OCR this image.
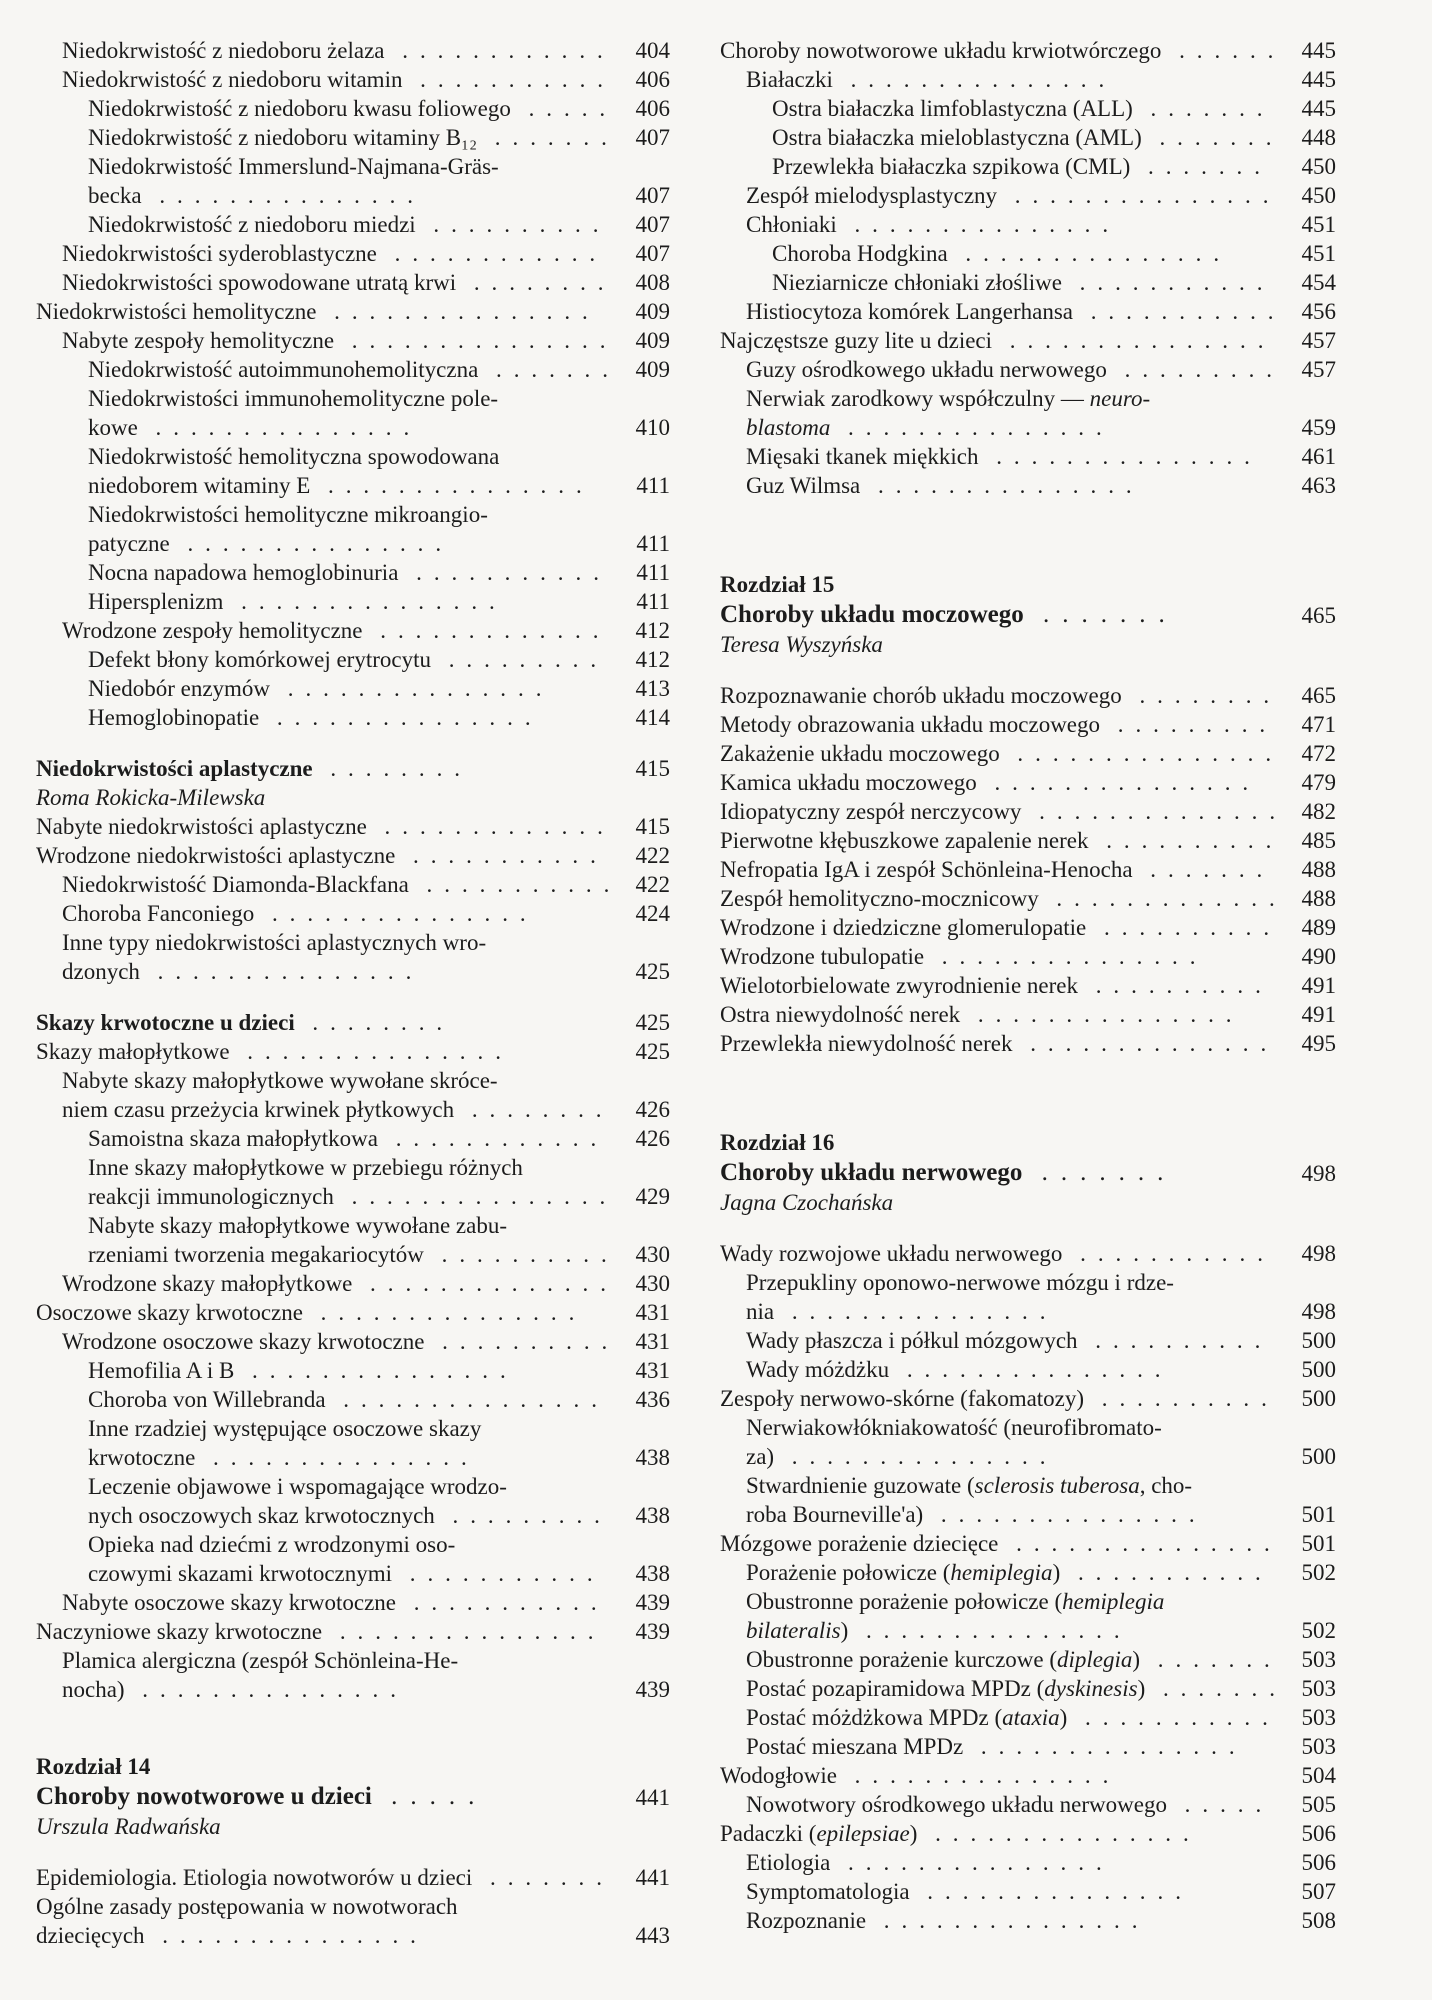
Niedokrwistość z niedoboru żelaza ............ 404
Niedokrwistość z niedoboru witamin ........... 406
Niedokrwistość z niedoboru kwasu foliowego ..... 406
Niedokrwistość z niedoboru witaminy B₁₂ ....... 407
Niedokrwistość Immerslund-Najmana-Gräs-
becka ...............	407
Niedokrwistość z niedoboru miedzi ..........	407
Niedokrwistości syderoblastyczne ............	407
Niedokrwistości spowodowane utratą krwi ........ 408
Niedokrwistości hemolityczne ...............	409
Nabyte zespoły hemolityczne ............... 409
Niedokrwistość autoimmunohemolityczna ....... 409
Niedokrwistości immunohemolityczne pole-
kowe ...............	410
Niedokrwistość hemolityczna spowodowana
niedoborem witaminy E ...............	411
Niedokrwistości hemolityczne mikroangio-
patyczne ...............	411
Nocna napadowa hemoglobinuria ...........	411
Hipersplenizm ...............	411
Wrodzone zespoły hemolityczne .............	412
Defekt błony komórkowej erytrocytu .........	412
Niedobór enzymów ...............	413
Hemoglobinopatie ...............	414
Niedokrwistości aplastyczne ........	415
Roma Rokicka-Milewska
Nabyte niedokrwistości aplastyczne ............. 415
Wrodzone niedokrwistości aplastyczne ...........	422
Niedokrwistość Diamonda-Blackfana ........... 422
Choroba Fanconiego ...............	424
Inne typy niedokrwistości aplastycznych wro-
dzonych ...............	425
Skazy krwotoczne u dzieci ........	425
Skazy małopłytkowe ...............	425
Nabyte skazy małopłytkowe wywołane skróce-
niem czasu przeżycia krwinek płytkowych ........ 426
Samoistna skaza małopłytkowa ............	426
Inne skazy małopłytkowe w przebiegu różnych
reakcji immunologicznych ............... 429
Nabyte skazy małopłytkowe wywołane zabu-
rzeniami tworzenia megakariocytów .......... 430
Wrodzone skazy małopłytkowe .............. 430
Osoczowe skazy krwotoczne ...............	431
Wrodzone osoczowe skazy krwotoczne .......... 431
Hemofilia A i B ...............	431
Choroba von Willebranda ...............	436
Inne rzadziej występujące osoczowe skazy
krwotoczne ...............	438
Leczenie objawowe i wspomagające wrodzo-
nych osoczowych skaz krwotocznych .........	438
Opieka nad dziećmi z wrodzonymi oso-
czowymi skazami krwotocznymi ...........	438
Nabyte osoczowe skazy krwotoczne ...........	439
Naczyniowe skazy krwotoczne ...............	439
Plamica alergiczna (zespół Schönleina-He-
nocha) ...............	439
Rozdział 14
Choroby nowotworowe u dzieci .....	441
Urszula Radwańska
Epidemiologia. Etiologia nowotworów u dzieci ....... 441
Ogólne zasady postępowania w nowotworach
dziecięcych ...............	443
Choroby nowotworowe układu krwiotwórczego ...... 445
Białaczki ...............	445
Ostra białaczka limfoblastyczna (ALL) .......	445
Ostra białaczka mieloblastyczna (AML) ....... 448
Przewlekła białaczka szpikowa (CML) .......	450
Zespół mielodysplastyczny ............... 450
Chłoniaki ...............	451
Choroba Hodgkina ...............	451
Nieziarnicze chłoniaki złośliwe ...........	454
Histiocytoza komórek Langerhansa ........... 456
Najczęstsze guzy lite u dzieci ...............	457
Guzy ośrodkowego układu nerwowego ......... 457
Nerwiak zarodkowy współczulny — neuro-
blastoma ...............	459
Mięsaki tkanek miękkich ...............	461
Guz Wilmsa ...............	463
Rozdział 15
Choroby układu moczowego .......	465
Teresa Wyszyńska
Rozpoznawanie chorób układu moczowego ........ 465
Metody obrazowania układu moczowego .........	471
Zakażenie układu moczowego ............... 472
Kamica układu moczowego ...............	479
Idiopatyczny zespół nerczycowy .............. 482
Pierwotne kłębuszkowe zapalenie nerek .......... 485
Nefropatia IgA i zespół Schönleina-Henocha .......	488
Zespół hemolityczno-mocznicowy ............. 488
Wrodzone i dziedziczne glomerulopatie .......... 489
Wrodzone tubulopatie ...............	490
Wielotorbielowate zwyrodnienie nerek ..........	491
Ostra niewydolność nerek ...............	491
Przewlekła niewydolność nerek ..............	495
Rozdział 16
Choroby układu nerwowego .......	498
Jagna Czochańska
Wady rozwojowe układu nerwowego ...........	498
Przepukliny oponowo-nerwowe mózgu i rdze-
nia ...............	498
Wady płaszcza i półkul mózgowych ..........	500
Wady móżdżku ...............	500
Zespoły nerwowo-skórne (fakomatozy) .......... 500
Nerwiakowłókniakowatość (neurofibromato-
za) ...............	500
Stwardnienie guzowate (sclerosis tuberosa, cho-
roba Bourneville'a) ...............	501
Mózgowe porażenie dziecięce ............... 501
Porażenie połowicze (hemiplegia) ...........	502
Obustronne porażenie połowicze (hemiplegia
bilateralis) ...............	502
Obustronne porażenie kurczowe (diplegia) ....... 503
Postać pozapiramidowa MPDz (dyskinesis) ....... 503
Postać móżdżkowa MPDz (ataxia) ........... 503
Postać mieszana MPDz ...............	503
Wodogłowie ...............	504
Nowotwory ośrodkowego układu nerwowego .....	505
Padaczki (epilepsiae) ...............	506
Etiologia ...............	506
Symptomatologia ...............	507
Rozpoznanie ...............	508
